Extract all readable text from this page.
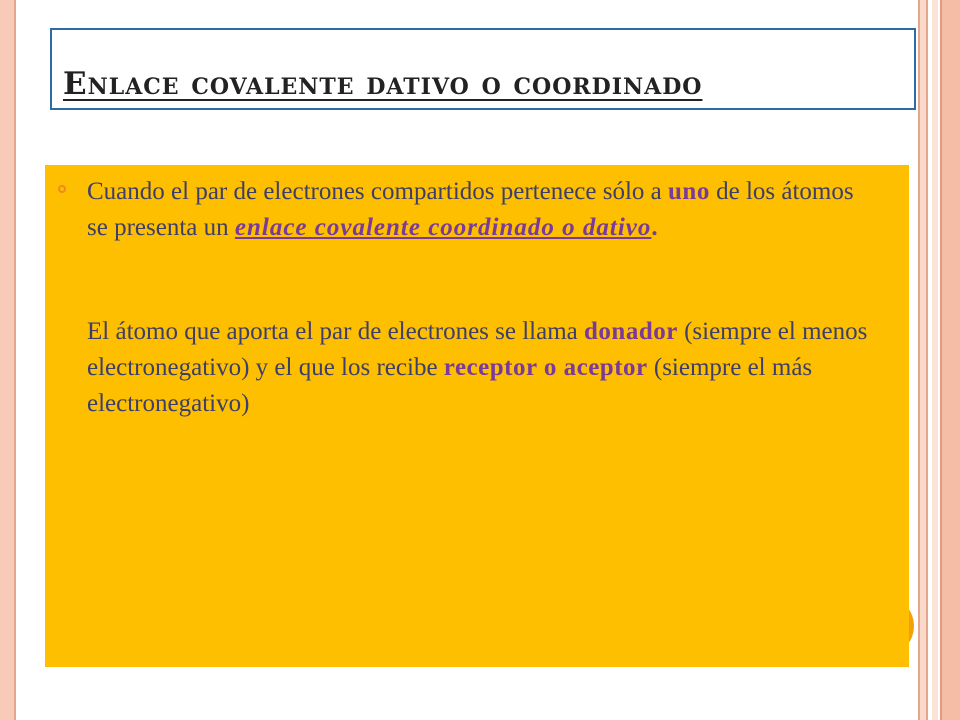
Enlace covalente dativo o coordinado

Cuando el par de electrones compartidos pertenece sólo a uno de los átomos se presenta un enlace covalente coordinado o dativo.

El átomo que aporta el par de electrones se llama donador (siempre el menos electronegativo) y el que los recibe receptor o aceptor (siempre el más electronegativo)
